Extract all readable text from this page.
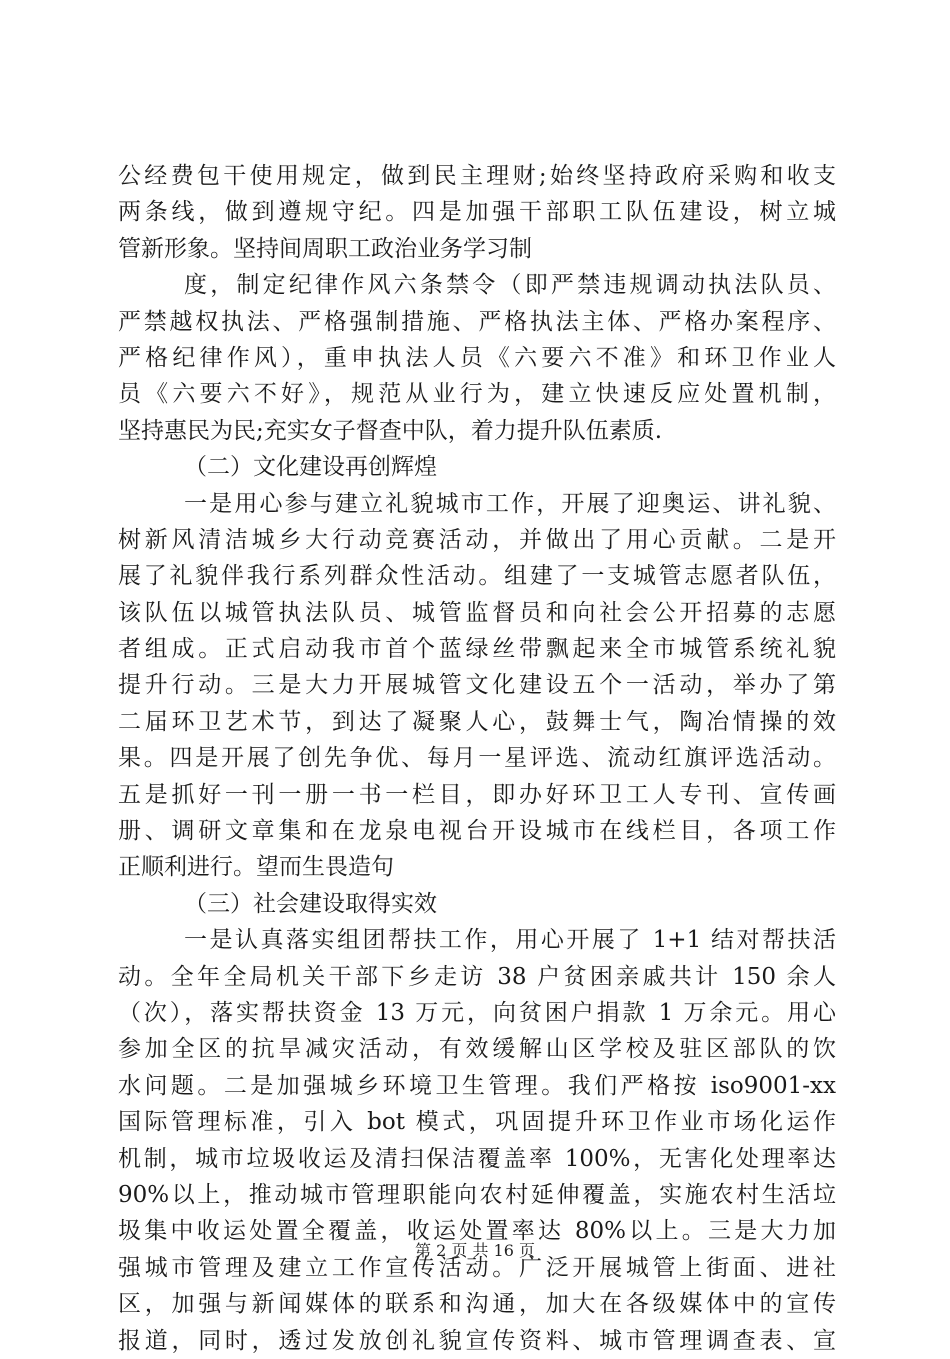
公经费包干使用规定，做到民主理财;始终坚持政府采购和收支
两条线，做到遵规守纪。四是加强干部职工队伍建设，树立城
管新形象。坚持间周职工政治业务学习制
度，制定纪律作风六条禁令（即严禁违规调动执法队员、
严禁越权执法、严格强制措施、严格执法主体、严格办案程序、
严格纪律作风），重申执法人员《六要六不准》和环卫作业人
员《六要六不好》，规范从业行为，建立快速反应处置机制，
坚持惠民为民;充实女子督查中队，着力提升队伍素质.
（二）文化建设再创辉煌
一是用心参与建立礼貌城市工作，开展了迎奥运、讲礼貌、
树新风清洁城乡大行动竞赛活动，并做出了用心贡献。二是开
展了礼貌伴我行系列群众性活动。组建了一支城管志愿者队伍，
该队伍以城管执法队员、城管监督员和向社会公开招募的志愿
者组成。正式启动我市首个蓝绿丝带飘起来全市城管系统礼貌
提升行动。三是大力开展城管文化建设五个一活动，举办了第
二届环卫艺术节，到达了凝聚人心，鼓舞士气，陶冶情操的效
果。四是开展了创先争优、每月一星评选、流动红旗评选活动。
五是抓好一刊一册一书一栏目，即办好环卫工人专刊、宣传画
册、调研文章集和在龙泉电视台开设城市在线栏目，各项工作
正顺利进行。望而生畏造句
（三）社会建设取得实效
一是认真落实组团帮扶工作，用心开展了 1+1 结对帮扶活
动。全年全局机关干部下乡走访 38 户贫困亲戚共计 150 余人
（次），落实帮扶资金 13 万元，向贫困户捐款 1 万余元。用心
参加全区的抗旱减灾活动，有效缓解山区学校及驻区部队的饮
水问题。二是加强城乡环境卫生管理。我们严格按 iso9001-xx
国际管理标准，引入 bot 模式，巩固提升环卫作业市场化运作
机制，城市垃圾收运及清扫保洁覆盖率 100%，无害化处理率达
90%以上，推动城市管理职能向农村延伸覆盖，实施农村生活垃
圾集中收运处置全覆盖，收运处置率达 80%以上。三是大力加
强城市管理及建立工作宣传活动。广泛开展城管上街面、进社
区，加强与新闻媒体的联系和沟通，加大在各级媒体中的宣传
报道，同时，透过发放创礼貌宣传资料、城市管理调查表、宣
第 2 页 共 16 页
